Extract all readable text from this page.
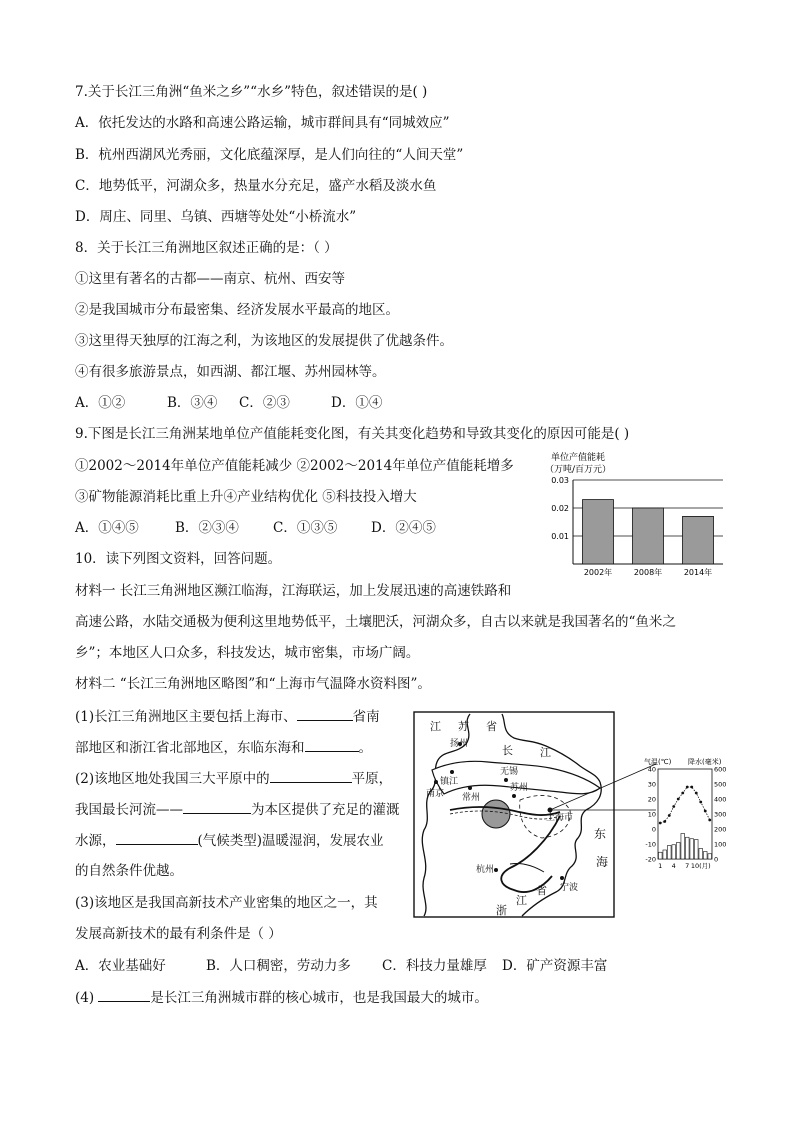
7.关于长江三角洲“鱼米之乡”“水乡”特色，叙述错误的是( )
A．依托发达的水路和高速公路运输，城市群间具有“同城效应”
B．杭州西湖风光秀丽，文化底蕴深厚，是人们向往的“人间天堂”
C．地势低平，河湖众多，热量水分充足，盛产水稻及淡水鱼
D．周庄、同里、乌镇、西塘等处处“小桥流水”
8．关于长江三角洲地区叙述正确的是：（ ）
①这里有著名的古都——南京、杭州、西安等
②是我国城市分布最密集、经济发展水平最高的地区。
③这里得天独厚的江海之利，为该地区的发展提供了优越条件。
④有很多旅游景点，如西湖、都江堰、苏州园林等。
A．①②	B．③④ C．②③	D．①④
9.下图是长江三角洲某地单位产值能耗变化图，有关其变化趋势和导致其变化的原因可能是( )
①2002～2014年单位产值能耗减少 ②2002～2014年单位产值能耗增多
③矿物能源消耗比重上升④产业结构优化 ⑤科技投入增大
A．①④⑤	B．②③④	C．①③⑤ D．②④⑤
单位产值能耗
（万吨/百万元）
0.03
0.02
0.01
2002年	2008年	2014年
10．读下列图文资料，回答问题。
材料一 长江三角洲地区濒江临海，江海联运，加上发展迅速的高速铁路和
高速公路，水陆交通极为便利这里地势低平，土壤肥沃，河湖众多，自古以来就是我国著名的“鱼米之
乡”；本地区人口众多，科技发达，城市密集，市场广阔。
材料二 “长江三角洲地区略图”和“上海市气温降水资料图”。
(1)长江三角洲地区主要包括上海市、	省南
部地区和浙江省北部地区，东临东海和	。
(2)该地区地处我国三大平原中的	平原，
我国最长河流——	为本区提供了充足的灌溉
水源，	(气候类型)温暖湿润，发展农业
的自然条件优越。
(3)该地区是我国高新技术产业密集的地区之一，其
发展高新技术的最有利条件是（ ）
A．农业基础好	B．人口稠密，劳动力多 C．科技力量雄厚 D．矿产资源丰富
(4)	是长江三角洲城市群的核心城市，也是我国最大的城市。
江 苏 省
扬州	长 江
镇江
南京 常州
无锡
苏州
上海市
东
海
杭州
宁波
浙
江
省
气温(℃) 降水(毫米)
40
30
20
10
0
-10
-20
600
500
400
300
200
100
0
1 4 7 10(月)
